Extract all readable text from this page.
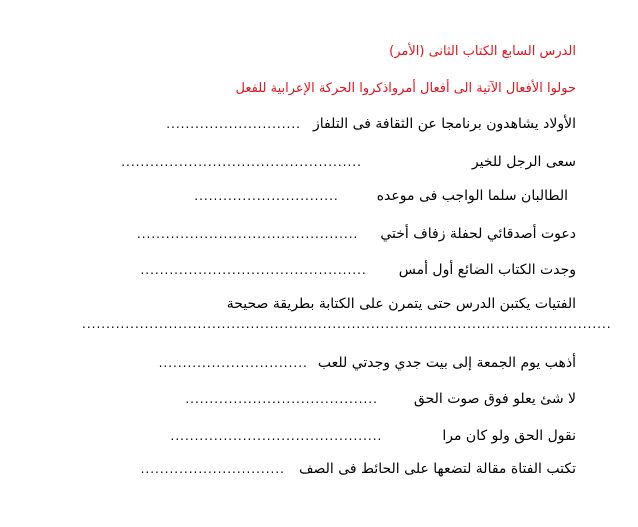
الدرس السابع الكتاب الثانى (الأمر)
حولوا الأفعال الآتية الى أفعال أمرواذكروا الحركة الإعرابية للفعل
الأولاد يشاهدون برنامجا عن الثقافة فى التلفاز
............................
سعى الرجل للخير
..................................................
الطالبان سلما الواجب فى موعده
..............................
دعوت أصدقائي لحفلة زفاف أختي
..............................................
وجدت الكتاب الضائع أول أمس
...............................................
الفتيات يكتبن الدرس حتى يتمرن على الكتابة بطريقة صحيحة
..............................................................................................................
أذهب يوم الجمعة إلى بيت جدي وجدتي للعب
...............................
لا شئ يعلو فوق صوت الحق
........................................
نقول الحق ولو كان مرا
............................................
تكتب الفتاة مقالة لتضعها على الحائط فى الصف
..............................
